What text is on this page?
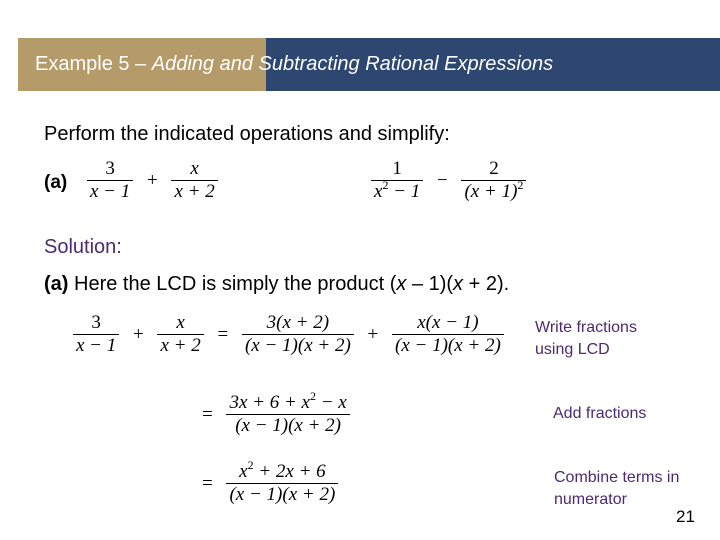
Example 5 – Adding and Subtracting Rational Expressions
Perform the indicated operations and simplify:
$(a) \frac{3}{x - 1} + \frac{x}{x + 2}$	$\frac{1}{x^2 - 1} - \frac{2}{(x + 1)^2}$
Solution:
(a) Here the LCD is simply the product (x – 1)(x + 2).
$\frac{3}{x - 1} + \frac{x}{x + 2} = \frac{3(x + 2)}{(x - 1)(x + 2)} + \frac{x(x - 1)}{(x - 1)(x + 2)}$ Write fractions using LCD
= $\frac{3x + 6 + x^2 - x}{(x - 1)(x + 2)}$	Add fractions
= $\frac{x^2 + 2x + 6}{(x - 1)(x + 2)}$	Combine terms in numerator
21
